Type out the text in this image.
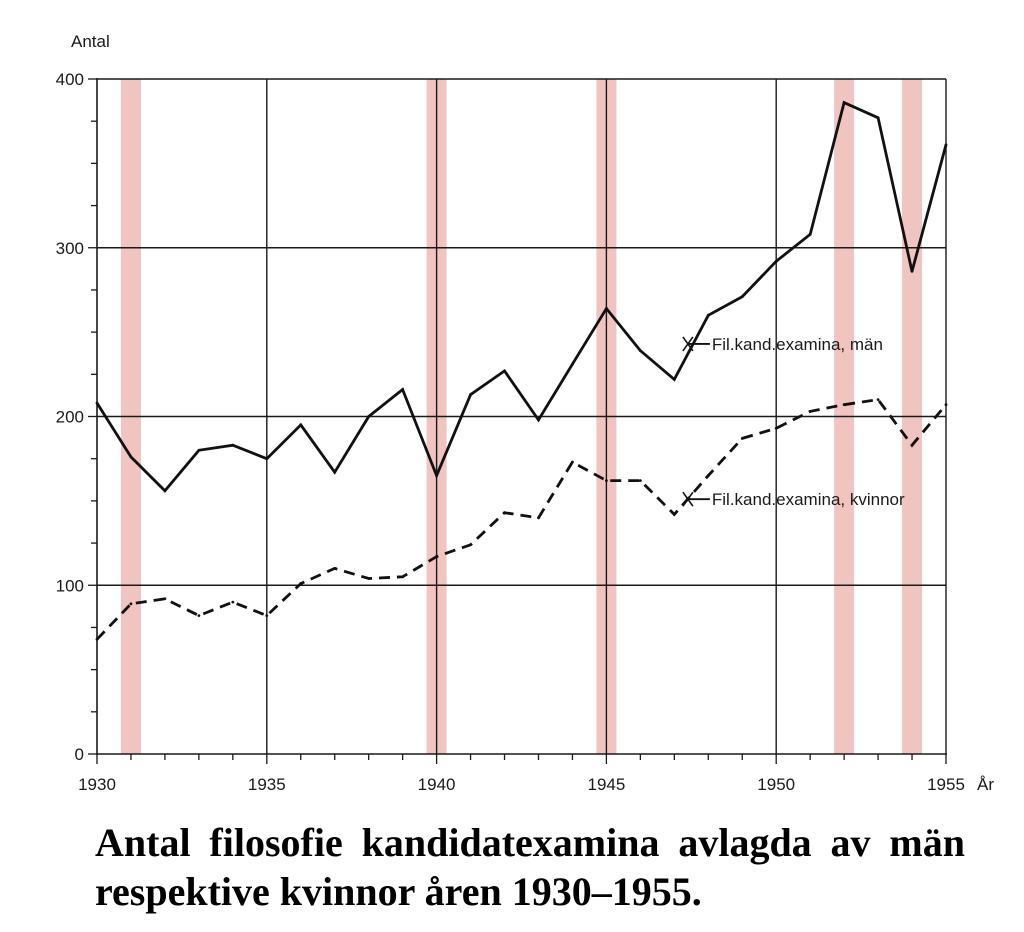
0
100
200
300
400
1930	1935	1940	1945	1950	1955
Fil.kand.examina, män
Fil.kand.examina, kvinnor
Antal
År
Antal filosofie kandidatexamina avlagda av män respektive kvinnor åren 1930–1955.
